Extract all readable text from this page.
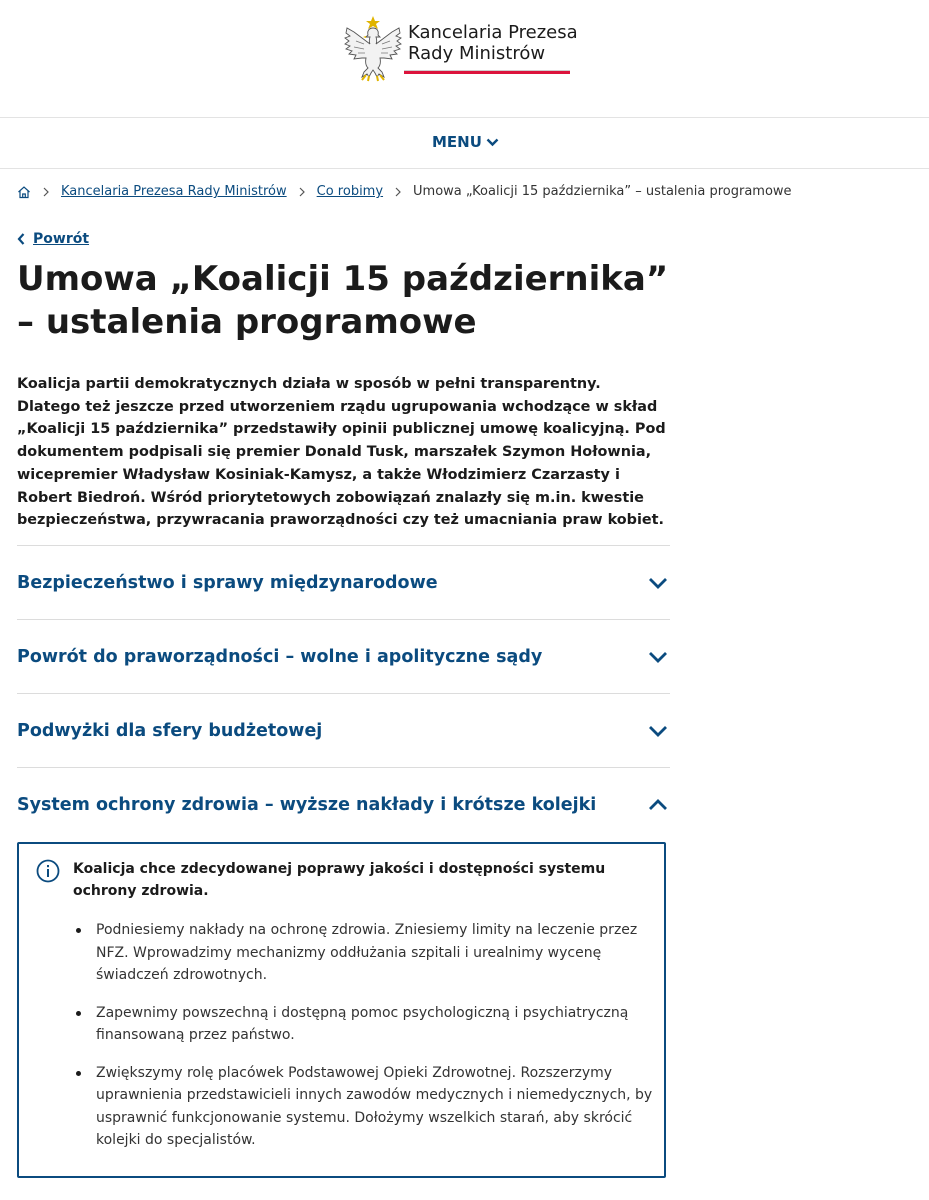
Kancelaria Prezesa
Rady Ministrów
MENU
Kancelaria Prezesa Rady Ministrów Co robimy Umowa „Koalicji 15 października” – ustalenia programowe
Powrót
Umowa „Koalicji 15 października” – ustalenia programowe

Koalicja partii demokratycznych działa w sposób w pełni transparentny. Dlatego też jeszcze przed utworzeniem rządu ugrupowania wchodzące w skład „Koalicji 15 października” przedstawiły opinii publicznej umowę koalicyjną. Pod dokumentem podpisali się premier Donald Tusk, marszałek Szymon Hołownia, wicepremier Władysław Kosiniak-Kamysz, a także Włodzimierz Czarzasty i Robert Biedroń. Wśród priorytetowych zobowiązań znalazły się m.in. kwestie bezpieczeństwa, przywracania praworządności czy też umacniania praw kobiet.

Bezpieczeństwo i sprawy międzynarodowe
Powrót do praworządności – wolne i apolityczne sądy
Podwyżki dla sfery budżetowej
System ochrony zdrowia – wyższe nakłady i krótsze kolejki

Koalicja chce zdecydowanej poprawy jakości i dostępności systemu ochrony zdrowia.

Podniesiemy nakłady na ochronę zdrowia. Zniesiemy limity na leczenie przez NFZ. Wprowadzimy mechanizmy oddłużania szpitali i urealnimy wycenę świadczeń zdrowotnych.
Zapewnimy powszechną i dostępną pomoc psychologiczną i psychiatryczną finansowaną przez państwo.
Zwiększymy rolę placówek Podstawowej Opieki Zdrowotnej. Rozszerzymy uprawnienia przedstawicieli innych zawodów medycznych i niemedycznych, by usprawnić funkcjonowanie systemu. Dołożymy wszelkich starań, aby skrócić kolejki do specjalistów.
